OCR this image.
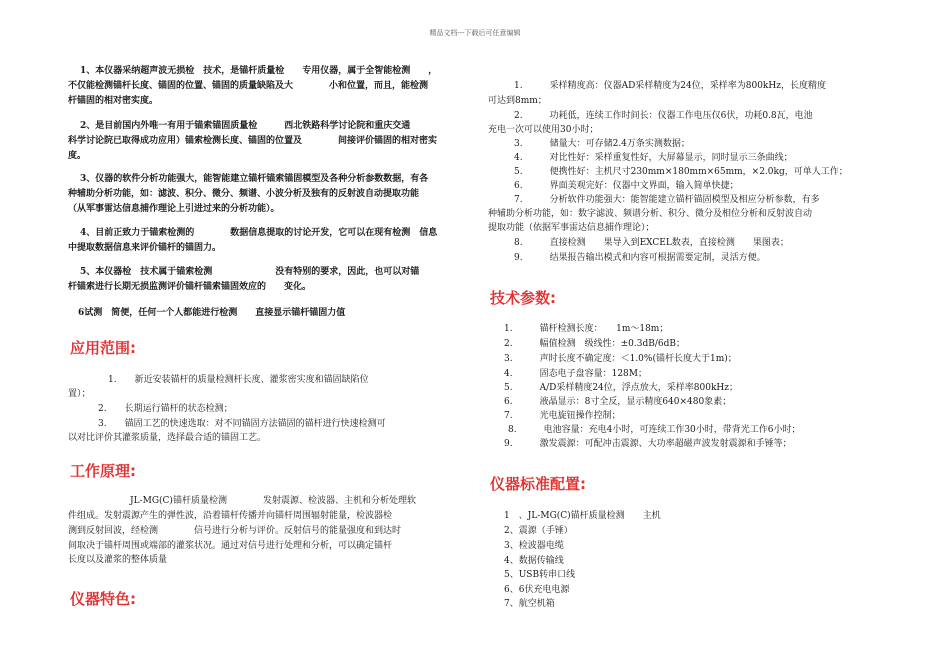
精品文档---下载后可任意编辑
1、本仪器采纳超声波无损检　技术，是锚杆质量检　　专用仪器，属于全智能检测　　，
不仅能检测锚杆长度、锚固的位置、锚固的质量缺陷及大　　　　小和位置，而且，能检测
杆锚固的相对密实度。
2、是目前国内外唯一有用于锚索锚固质量检　　　西北铁路科学讨论院和重庆交通
科学讨论院已取得成功应用）锚索检测长度、锚固的位置及　　　　间接评价锚固的相对密实
度。
3、仪器的软件分析功能强大，能智能建立锚杆锚索锚固模型及各种分析参数数据，有各
种辅助分析功能，如：滤波、积分、微分、频谱、小波分析及独有的反射波自动提取功能
（从军事雷达信息捕作理论上引进过来的分析功能）。
4、目前正致力于锚索检测的　　　　数据信息提取的讨论开发，它可以在现有检测　信息
中提取数据信息来评价锚杆的锚固力。
5、本仪器检　技术属于锚索检测　　　　　　　没有特别的要求，因此，也可以对锚
杆锚索进行长期无损监测评价锚杆锚索锚固效应的　　变化。
6试测　简便，任何一个人都能进行检测　　直接显示锚杆锚固力值
应用范围:
1.　　新近安装锚杆的质量检测杆长度、灌浆密实度和锚固缺陷位
置）；
2.　　长期运行锚杆的状态检测；
3.　　锚固工艺的快速选取：对不同锚固方法锚固的锚杆进行快速检测可
以对比评价其灌浆质量，选择最合适的锚固工艺。
工作原理:
JL-MG(C)锚杆质量检测　　　　发射震源、检波器、主机和分析处理软
件组成。发射震源产生的弹性波，沿着锚杆传播并向锚杆周围辐射能量，检波器检
测到反射回波，经检测　　　　信号进行分析与评价。反射信号的能量强度和到达时
间取决于锚杆周围或端部的灌浆状况。通过对信号进行处理和分析，可以确定锚杆
长度以及灌浆的整体质量
仪器特色:
1.　　　采样精度高：仪器AD采样精度为24位，采样率为800kHz，长度精度
可达到8mm；
2.　　　功耗低，连续工作时间长：仪器工作电压仅6伏，功耗0.8瓦，电池
充电一次可以使用30小时；
3.　　　储量大：可存储2.4万条实测数据；
4.　　　对比性好：采样重复性好，大屏幕显示，同时显示三条曲线；
5.　　　便携性好：主机尺寸230mm×180mm×65mm，×2.0kg，可单人工作；
6.　　　界面美观完好：仪器中文界面，输入简单快捷；
7.　　　分析软件功能强大：能智能建立锚杆锚固模型及相应分析参数，有多
种辅助分析功能，如：数字滤波、频谱分析、积分、微分及相位分析和反射波自动
提取功能（依据军事雷达信息捕作理论）；
8.　　　直接检测　　果导入到EXCEL数表，直接检测　　果图表；
9.　　　结果报告输出模式和内容可根据需要定制，灵活方便。
技术参数:
1.　　　锚杆检测长度：　　1m～18m；
2.　　　幅值检测　级线性：±0.3dB/6dB；
3.　　　声时长度不确定度：＜1.0%(锚杆长度大于1m)；
4.　　　固态电子盘容量：128M；
5.　　　A/D采样精度24位，浮点放大，采样率800kHz；
6.　　　液晶显示：8寸全反，显示精度640×480象素；
7.　　　光电旋钮操作控制；
8.　　　电池容量：充电4小时，可连续工作30小时，带背光工作6小时；
9.　　　激发震源：可配冲击震源、大功率超磁声波发射震源和手锤等；
仪器标准配置:
1　、JL-MG(C)锚杆质量检测　　主机
2、震源（手锤）
3、检波器电缆
4、数据传输线
5、USB转串口线
6、6伏充电电源
7、航空机箱
